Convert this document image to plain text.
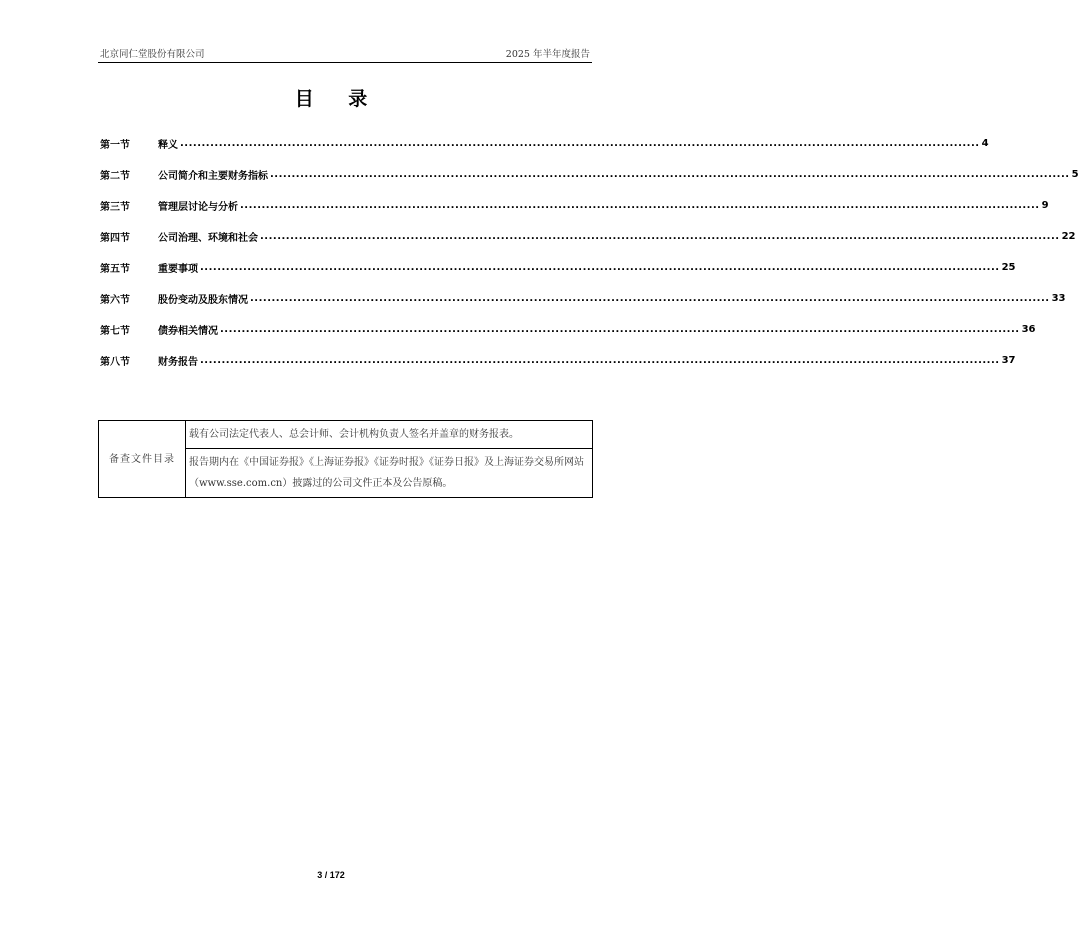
北京同仁堂股份有限公司	2025 年半年度报告
目 录
第一节	释义 .......................................................................................................................................................................................... 4
第二节	公司简介和主要财务指标 .......................................................................................................................................................................................... 5
第三节	管理层讨论与分析 .......................................................................................................................................................................................... 9
第四节	公司治理、环境和社会 .......................................................................................................................................................................................... 22
第五节	重要事项 .......................................................................................................................................................................................... 25
第六节	股份变动及股东情况 .......................................................................................................................................................................................... 33
第七节	债券相关情况 .......................................................................................................................................................................................... 36
第八节	财务报告 .......................................................................................................................................................................................... 37
备查文件目录	载有公司法定代表人、总会计师、会计机构负责人签名并盖章的财务报表。
报告期内在《中国证券报》《上海证券报》《证券时报》《证券日报》及上海证券交易所网站（www.sse.com.cn）披露过的公司文件正本及公告原稿。
3 / 172
